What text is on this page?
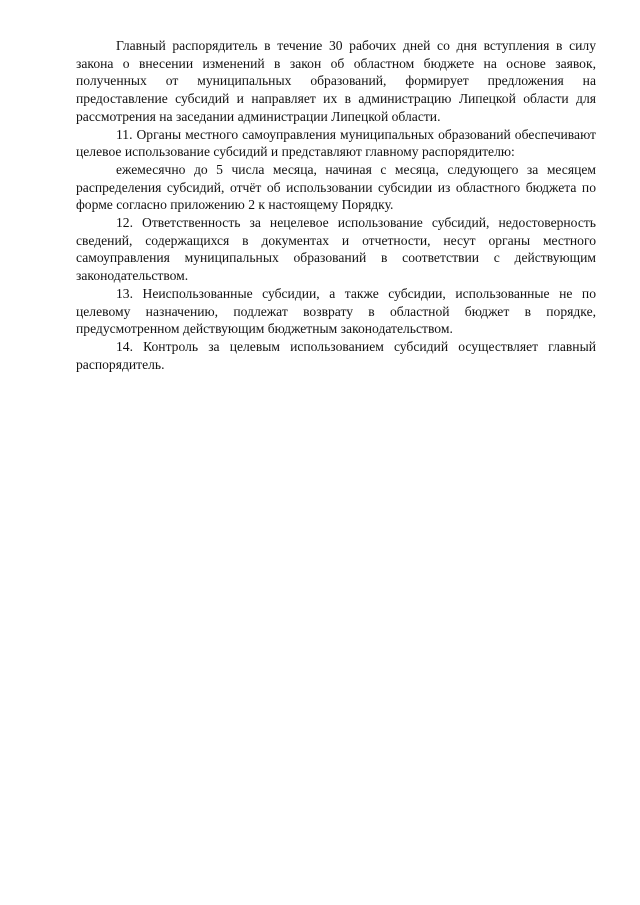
Главный распорядитель в течение 30 рабочих дней со дня вступления в силу закона о внесении изменений в закон об областном бюджете на основе заявок, полученных от муниципальных образований, формирует предложения на предоставление субсидий и направляет их в администрацию Липецкой области для рассмотрения на заседании администрации Липецкой области.

11. Органы местного самоуправления муниципальных образований обеспечивают целевое использование субсидий и представляют главному распорядителю:

ежемесячно до 5 числа месяца, начиная с месяца, следующего за месяцем распределения субсидий, отчёт об использовании субсидии из областного бюджета по форме согласно приложению 2 к настоящему Порядку.

12. Ответственность за нецелевое использование субсидий, недостоверность сведений, содержащихся в документах и отчетности, несут органы местного самоуправления муниципальных образований в соответствии с действующим законодательством.

13. Неиспользованные субсидии, а также субсидии, использованные не по целевому назначению, подлежат возврату в областной бюджет в порядке, предусмотренном действующим бюджетным законодательством.

14. Контроль за целевым использованием субсидий осуществляет главный распорядитель.
